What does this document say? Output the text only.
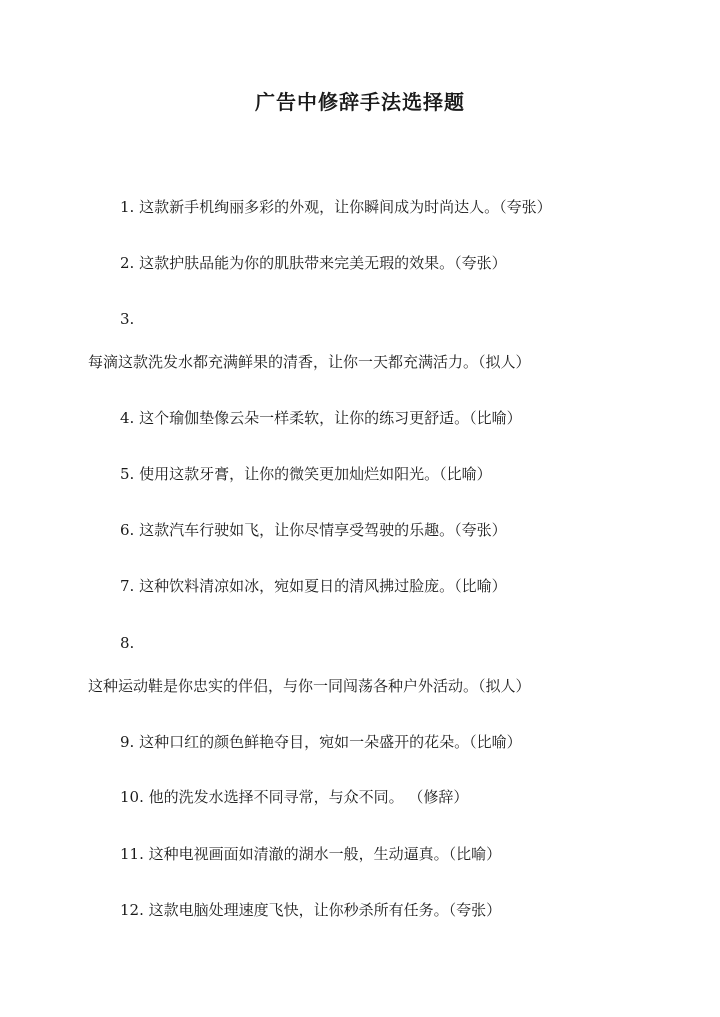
广告中修辞手法选择题
1. 这款新手机绚丽多彩的外观，让你瞬间成为时尚达人。（夸张）
2. 这款护肤品能为你的肌肤带来完美无瑕的效果。（夸张）
3.
每滴这款洗发水都充满鲜果的清香，让你一天都充满活力。（拟人）
4. 这个瑜伽垫像云朵一样柔软，让你的练习更舒适。（比喻）
5. 使用这款牙膏，让你的微笑更加灿烂如阳光。（比喻）
6. 这款汽车行驶如飞，让你尽情享受驾驶的乐趣。（夸张）
7. 这种饮料清凉如冰，宛如夏日的清风拂过脸庞。（比喻）
8.
这种运动鞋是你忠实的伴侣，与你一同闯荡各种户外活动。（拟人）
9. 这种口红的颜色鲜艳夺目，宛如一朵盛开的花朵。（比喻）
10. 他的洗发水选择不同寻常，与众不同。 （修辞）
11. 这种电视画面如清澈的湖水一般，生动逼真。（比喻）
12. 这款电脑处理速度飞快，让你秒杀所有任务。（夸张）
